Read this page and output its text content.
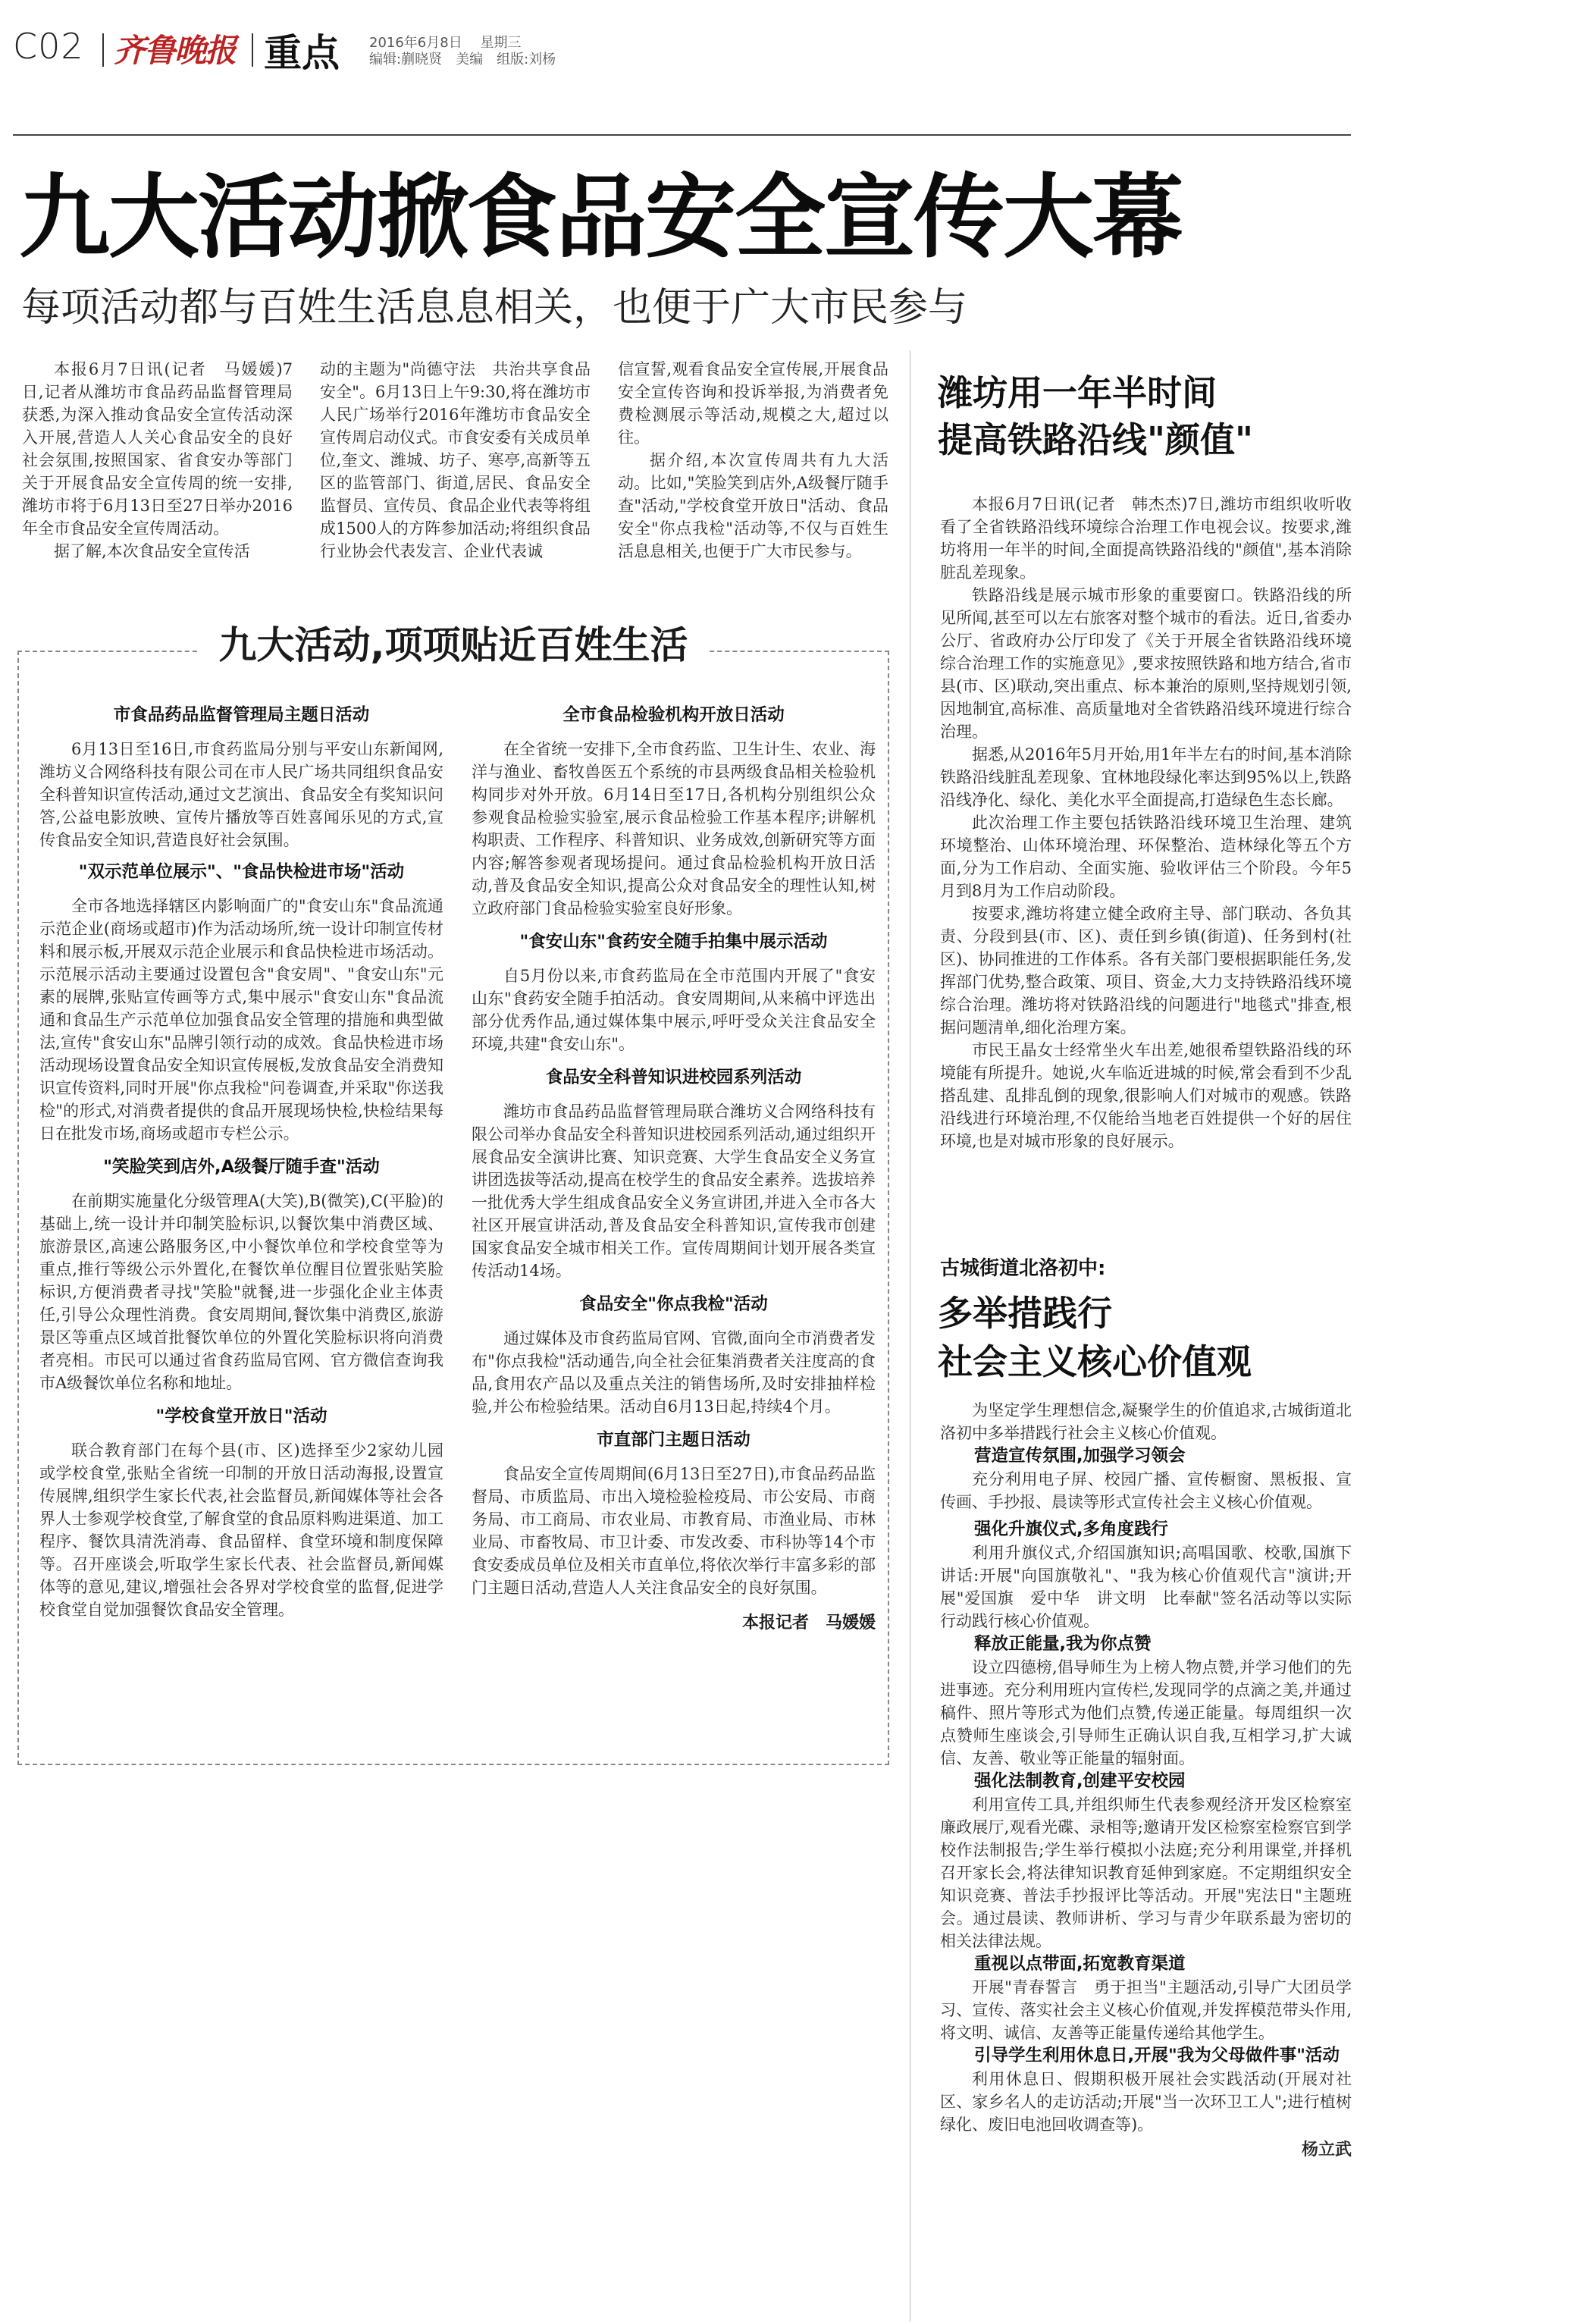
C02 齐鲁晚报 重点 2016年6月8日 星期三
编辑:蒯晓贤　美编　组版:刘杨
九大活动掀食品安全宣传大幕
每项活动都与百姓生活息息相关，也便于广大市民参与

本报6月7日讯(记者　马媛媛)7日,记者从潍坊市食品药品监督管理局获悉,为深入推动食品安全宣传活动深入开展,营造人人关心食品安全的良好社会氛围,按照国家、省食安办等部门关于开展食品安全宣传周的统一安排,潍坊市将于6月13日至27日举办2016年全市食品安全宣传周活动。

据了解,本次食品安全宣传活

动的主题为"尚德守法　共治共享食品安全"。6月13日上午9:30,将在潍坊市人民广场举行2016年潍坊市食品安全宣传周启动仪式。市食安委有关成员单位,奎文、潍城、坊子、寒亭,高新等五区的监管部门、街道,居民、食品安全监督员、宣传员、食品企业代表等将组成1500人的方阵参加活动;将组织食品行业协会代表发言、企业代表诚

信宣誓,观看食品安全宣传展,开展食品安全宣传咨询和投诉举报,为消费者免费检测展示等活动,规模之大,超过以往。

据介绍,本次宣传周共有九大活动。比如,"笑脸笑到店外,A级餐厅随手查"活动,"学校食堂开放日"活动、食品安全"你点我检"活动等,不仅与百姓生活息息相关,也便于广大市民参与。

九大活动,项项贴近百姓生活
市食品药品监督管理局主题日活动

6月13日至16日,市食药监局分别与平安山东新闻网,潍坊义合网络科技有限公司在市人民广场共同组织食品安全科普知识宣传活动,通过文艺演出、食品安全有奖知识问答,公益电影放映、宣传片播放等百姓喜闻乐见的方式,宣传食品安全知识,营造良好社会氛围。

"双示范单位展示"、"食品快检进市场"活动

全市各地选择辖区内影响面广的"食安山东"食品流通示范企业(商场或超市)作为活动场所,统一设计印制宣传材料和展示板,开展双示范企业展示和食品快检进市场活动。示范展示活动主要通过设置包含"食安周"、"食安山东"元素的展牌,张贴宣传画等方式,集中展示"食安山东"食品流通和食品生产示范单位加强食品安全管理的措施和典型做法,宣传"食安山东"品牌引领行动的成效。食品快检进市场活动现场设置食品安全知识宣传展板,发放食品安全消费知识宣传资料,同时开展"你点我检"问卷调查,并采取"你送我检"的形式,对消费者提供的食品开展现场快检,快检结果每日在批发市场,商场或超市专栏公示。

"笑脸笑到店外,A级餐厅随手查"活动

在前期实施量化分级管理A(大笑),B(微笑),C(平脸)的基础上,统一设计并印制笑脸标识,以餐饮集中消费区域、旅游景区,高速公路服务区,中小餐饮单位和学校食堂等为重点,推行等级公示外置化,在餐饮单位醒目位置张贴笑脸标识,方便消费者寻找"笑脸"就餐,进一步强化企业主体责任,引导公众理性消费。食安周期间,餐饮集中消费区,旅游景区等重点区域首批餐饮单位的外置化笑脸标识将向消费者亮相。市民可以通过省食药监局官网、官方微信查询我市A级餐饮单位名称和地址。

"学校食堂开放日"活动

联合教育部门在每个县(市、区)选择至少2家幼儿园或学校食堂,张贴全省统一印制的开放日活动海报,设置宣传展牌,组织学生家长代表,社会监督员,新闻媒体等社会各界人士参观学校食堂,了解食堂的食品原料购进渠道、加工程序、餐饮具清洗消毒、食品留样、食堂环境和制度保障等。召开座谈会,听取学生家长代表、社会监督员,新闻媒体等的意见,建议,增强社会各界对学校食堂的监督,促进学校食堂自觉加强餐饮食品安全管理。

全市食品检验机构开放日活动

在全省统一安排下,全市食药监、卫生计生、农业、海洋与渔业、畜牧兽医五个系统的市县两级食品相关检验机构同步对外开放。6月14日至17日,各机构分别组织公众参观食品检验实验室,展示食品检验工作基本程序;讲解机构职责、工作程序、科普知识、业务成效,创新研究等方面内容;解答参观者现场提问。通过食品检验机构开放日活动,普及食品安全知识,提高公众对食品安全的理性认知,树立政府部门食品检验实验室良好形象。

"食安山东"食药安全随手拍集中展示活动

自5月份以来,市食药监局在全市范围内开展了"食安山东"食药安全随手拍活动。食安周期间,从来稿中评选出部分优秀作品,通过媒体集中展示,呼吁受众关注食品安全环境,共建"食安山东"。

食品安全科普知识进校园系列活动

潍坊市食品药品监督管理局联合潍坊义合网络科技有限公司举办食品安全科普知识进校园系列活动,通过组织开展食品安全演讲比赛、知识竞赛、大学生食品安全义务宣讲团选拔等活动,提高在校学生的食品安全素养。选拔培养一批优秀大学生组成食品安全义务宣讲团,并进入全市各大社区开展宣讲活动,普及食品安全科普知识,宣传我市创建国家食品安全城市相关工作。宣传周期间计划开展各类宣传活动14场。

食品安全"你点我检"活动

通过媒体及市食药监局官网、官微,面向全市消费者发布"你点我检"活动通告,向全社会征集消费者关注度高的食品,食用农产品以及重点关注的销售场所,及时安排抽样检验,并公布检验结果。活动自6月13日起,持续4个月。

市直部门主题日活动

食品安全宣传周期间(6月13日至27日),市食品药品监督局、市质监局、市出入境检验检疫局、市公安局、市商务局、市工商局、市农业局、市教育局、市渔业局、市林业局、市畜牧局、市卫计委、市发改委、市科协等14个市食安委成员单位及相关市直单位,将依次举行丰富多彩的部门主题日活动,营造人人关注食品安全的良好氛围。

本报记者　马媛媛
潍坊用一年半时间
提高铁路沿线"颜值"

本报6月7日讯(记者　韩杰杰)7日,潍坊市组织收听收看了全省铁路沿线环境综合治理工作电视会议。按要求,潍坊将用一年半的时间,全面提高铁路沿线的"颜值",基本消除脏乱差现象。

铁路沿线是展示城市形象的重要窗口。铁路沿线的所见所闻,甚至可以左右旅客对整个城市的看法。近日,省委办公厅、省政府办公厅印发了《关于开展全省铁路沿线环境综合治理工作的实施意见》,要求按照铁路和地方结合,省市县(市、区)联动,突出重点、标本兼治的原则,坚持规划引领,因地制宜,高标准、高质量地对全省铁路沿线环境进行综合治理。

据悉,从2016年5月开始,用1年半左右的时间,基本消除铁路沿线脏乱差现象、宜林地段绿化率达到95%以上,铁路沿线净化、绿化、美化水平全面提高,打造绿色生态长廊。

此次治理工作主要包括铁路沿线环境卫生治理、建筑环境整治、山体环境治理、环保整治、造林绿化等五个方面,分为工作启动、全面实施、验收评估三个阶段。今年5月到8月为工作启动阶段。

按要求,潍坊将建立健全政府主导、部门联动、各负其责、分段到县(市、区)、责任到乡镇(街道)、任务到村(社区)、协同推进的工作体系。各有关部门要根据职能任务,发挥部门优势,整合政策、项目、资金,大力支持铁路沿线环境综合治理。潍坊将对铁路沿线的问题进行"地毯式"排查,根据问题清单,细化治理方案。

市民王晶女士经常坐火车出差,她很希望铁路沿线的环境能有所提升。她说,火车临近进城的时候,常会看到不少乱搭乱建、乱排乱倒的现象,很影响人们对城市的观感。铁路沿线进行环境治理,不仅能给当地老百姓提供一个好的居住环境,也是对城市形象的良好展示。

古城街道北洛初中:
多举措践行
社会主义核心价值观

为坚定学生理想信念,凝聚学生的价值追求,古城街道北洛初中多举措践行社会主义核心价值观。

营造宣传氛围,加强学习领会

充分利用电子屏、校园广播、宣传橱窗、黑板报、宣传画、手抄报、晨读等形式宣传社会主义核心价值观。

强化升旗仪式,多角度践行

利用升旗仪式,介绍国旗知识;高唱国歌、校歌,国旗下讲话:开展"向国旗敬礼"、"我为核心价值观代言"演讲;开展"爱国旗　爱中华　讲文明　比奉献"签名活动等以实际行动践行核心价值观。

释放正能量,我为你点赞

设立四德榜,倡导师生为上榜人物点赞,并学习他们的先进事迹。充分利用班内宣传栏,发现同学的点滴之美,并通过稿件、照片等形式为他们点赞,传递正能量。每周组织一次点赞师生座谈会,引导师生正确认识自我,互相学习,扩大诚信、友善、敬业等正能量的辐射面。

强化法制教育,创建平安校园

利用宣传工具,并组织师生代表参观经济开发区检察室廉政展厅,观看光碟、录相等;邀请开发区检察室检察官到学校作法制报告;学生举行模拟小法庭;充分利用课堂,并择机召开家长会,将法律知识教育延伸到家庭。不定期组织安全知识竞赛、普法手抄报评比等活动。开展"宪法日"主题班会。通过晨读、教师讲析、学习与青少年联系最为密切的相关法律法规。

重视以点带面,拓宽教育渠道

开展"青春誓言　勇于担当"主题活动,引导广大团员学习、宣传、落实社会主义核心价值观,并发挥模范带头作用,将文明、诚信、友善等正能量传递给其他学生。

引导学生利用休息日,开展"我为父母做件事"活动

利用休息日、假期积极开展社会实践活动(开展对社区、家乡名人的走访活动;开展"当一次环卫工人";进行植树绿化、废旧电池回收调查等)。

杨立武
